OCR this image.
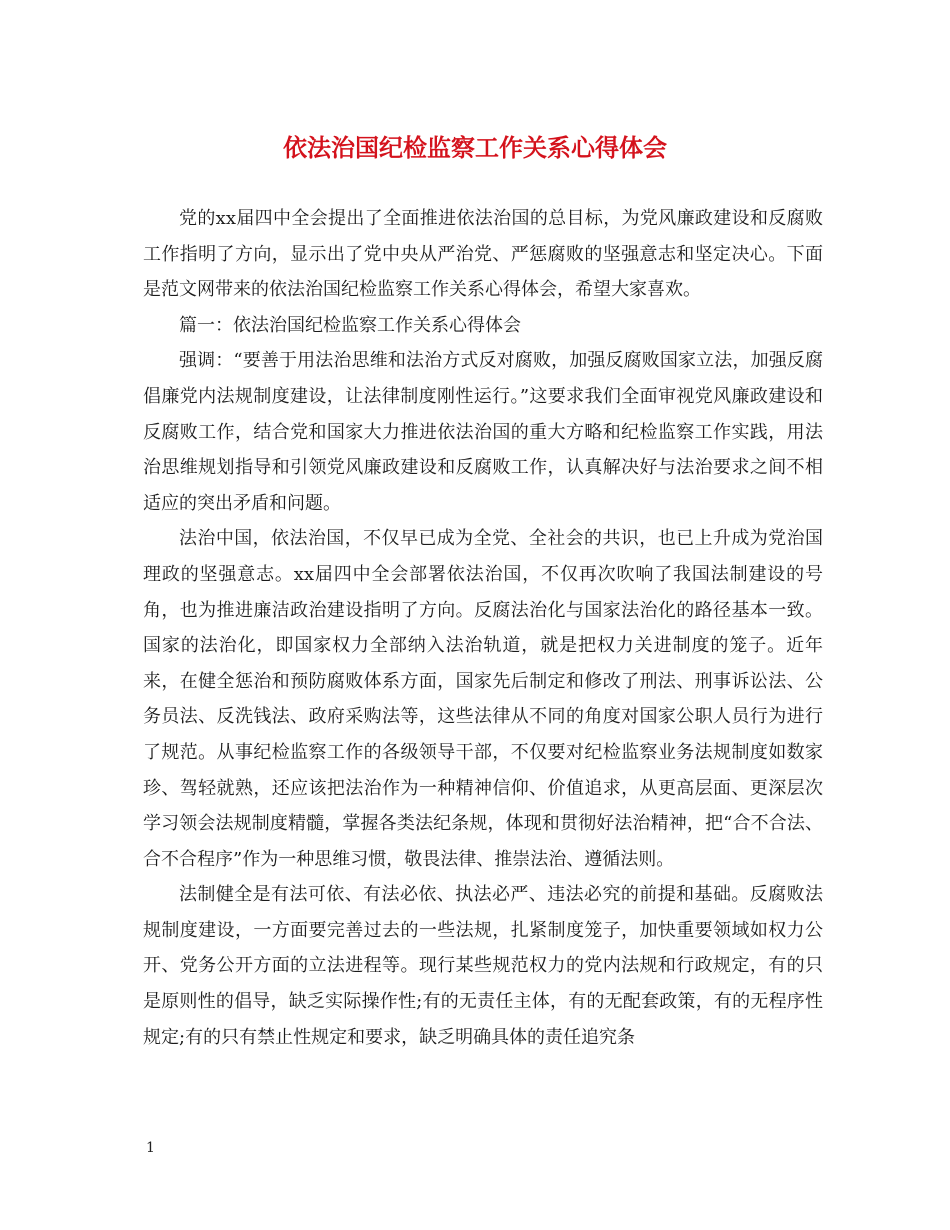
依法治国纪检监察工作关系心得体会

党的xx届四中全会提出了全面推进依法治国的总目标，为党风廉政建设和反腐败工作指明了方向，显示出了党中央从严治党、严惩腐败的坚强意志和坚定决心。下面是范文网带来的依法治国纪检监察工作关系心得体会，希望大家喜欢。

篇一：依法治国纪检监察工作关系心得体会

强调：“要善于用法治思维和法治方式反对腐败，加强反腐败国家立法，加强反腐倡廉党内法规制度建设，让法律制度刚性运行。”这要求我们全面审视党风廉政建设和反腐败工作，结合党和国家大力推进依法治国的重大方略和纪检监察工作实践，用法治思维规划指导和引领党风廉政建设和反腐败工作，认真解决好与法治要求之间不相适应的突出矛盾和问题。

法治中国，依法治国，不仅早已成为全党、全社会的共识，也已上升成为党治国理政的坚强意志。xx届四中全会部署依法治国，不仅再次吹响了我国法制建设的号角，也为推进廉洁政治建设指明了方向。反腐法治化与国家法治化的路径基本一致。国家的法治化，即国家权力全部纳入法治轨道，就是把权力关进制度的笼子。近年来，在健全惩治和预防腐败体系方面，国家先后制定和修改了刑法、刑事诉讼法、公务员法、反洗钱法、政府采购法等，这些法律从不同的角度对国家公职人员行为进行了规范。从事纪检监察工作的各级领导干部，不仅要对纪检监察业务法规制度如数家珍、驾轻就熟，还应该把法治作为一种精神信仰、价值追求，从更高层面、更深层次学习领会法规制度精髓，掌握各类法纪条规，体现和贯彻好法治精神，把“合不合法、合不合程序”作为一种思维习惯，敬畏法律、推崇法治、遵循法则。

法制健全是有法可依、有法必依、执法必严、违法必究的前提和基础。反腐败法规制度建设，一方面要完善过去的一些法规，扎紧制度笼子，加快重要领域如权力公开、党务公开方面的立法进程等。现行某些规范权力的党内法规和行政规定，有的只是原则性的倡导，缺乏实际操作性;有的无责任主体，有的无配套政策，有的无程序性规定;有的只有禁止性规定和要求，缺乏明确具体的责任追究条

1
